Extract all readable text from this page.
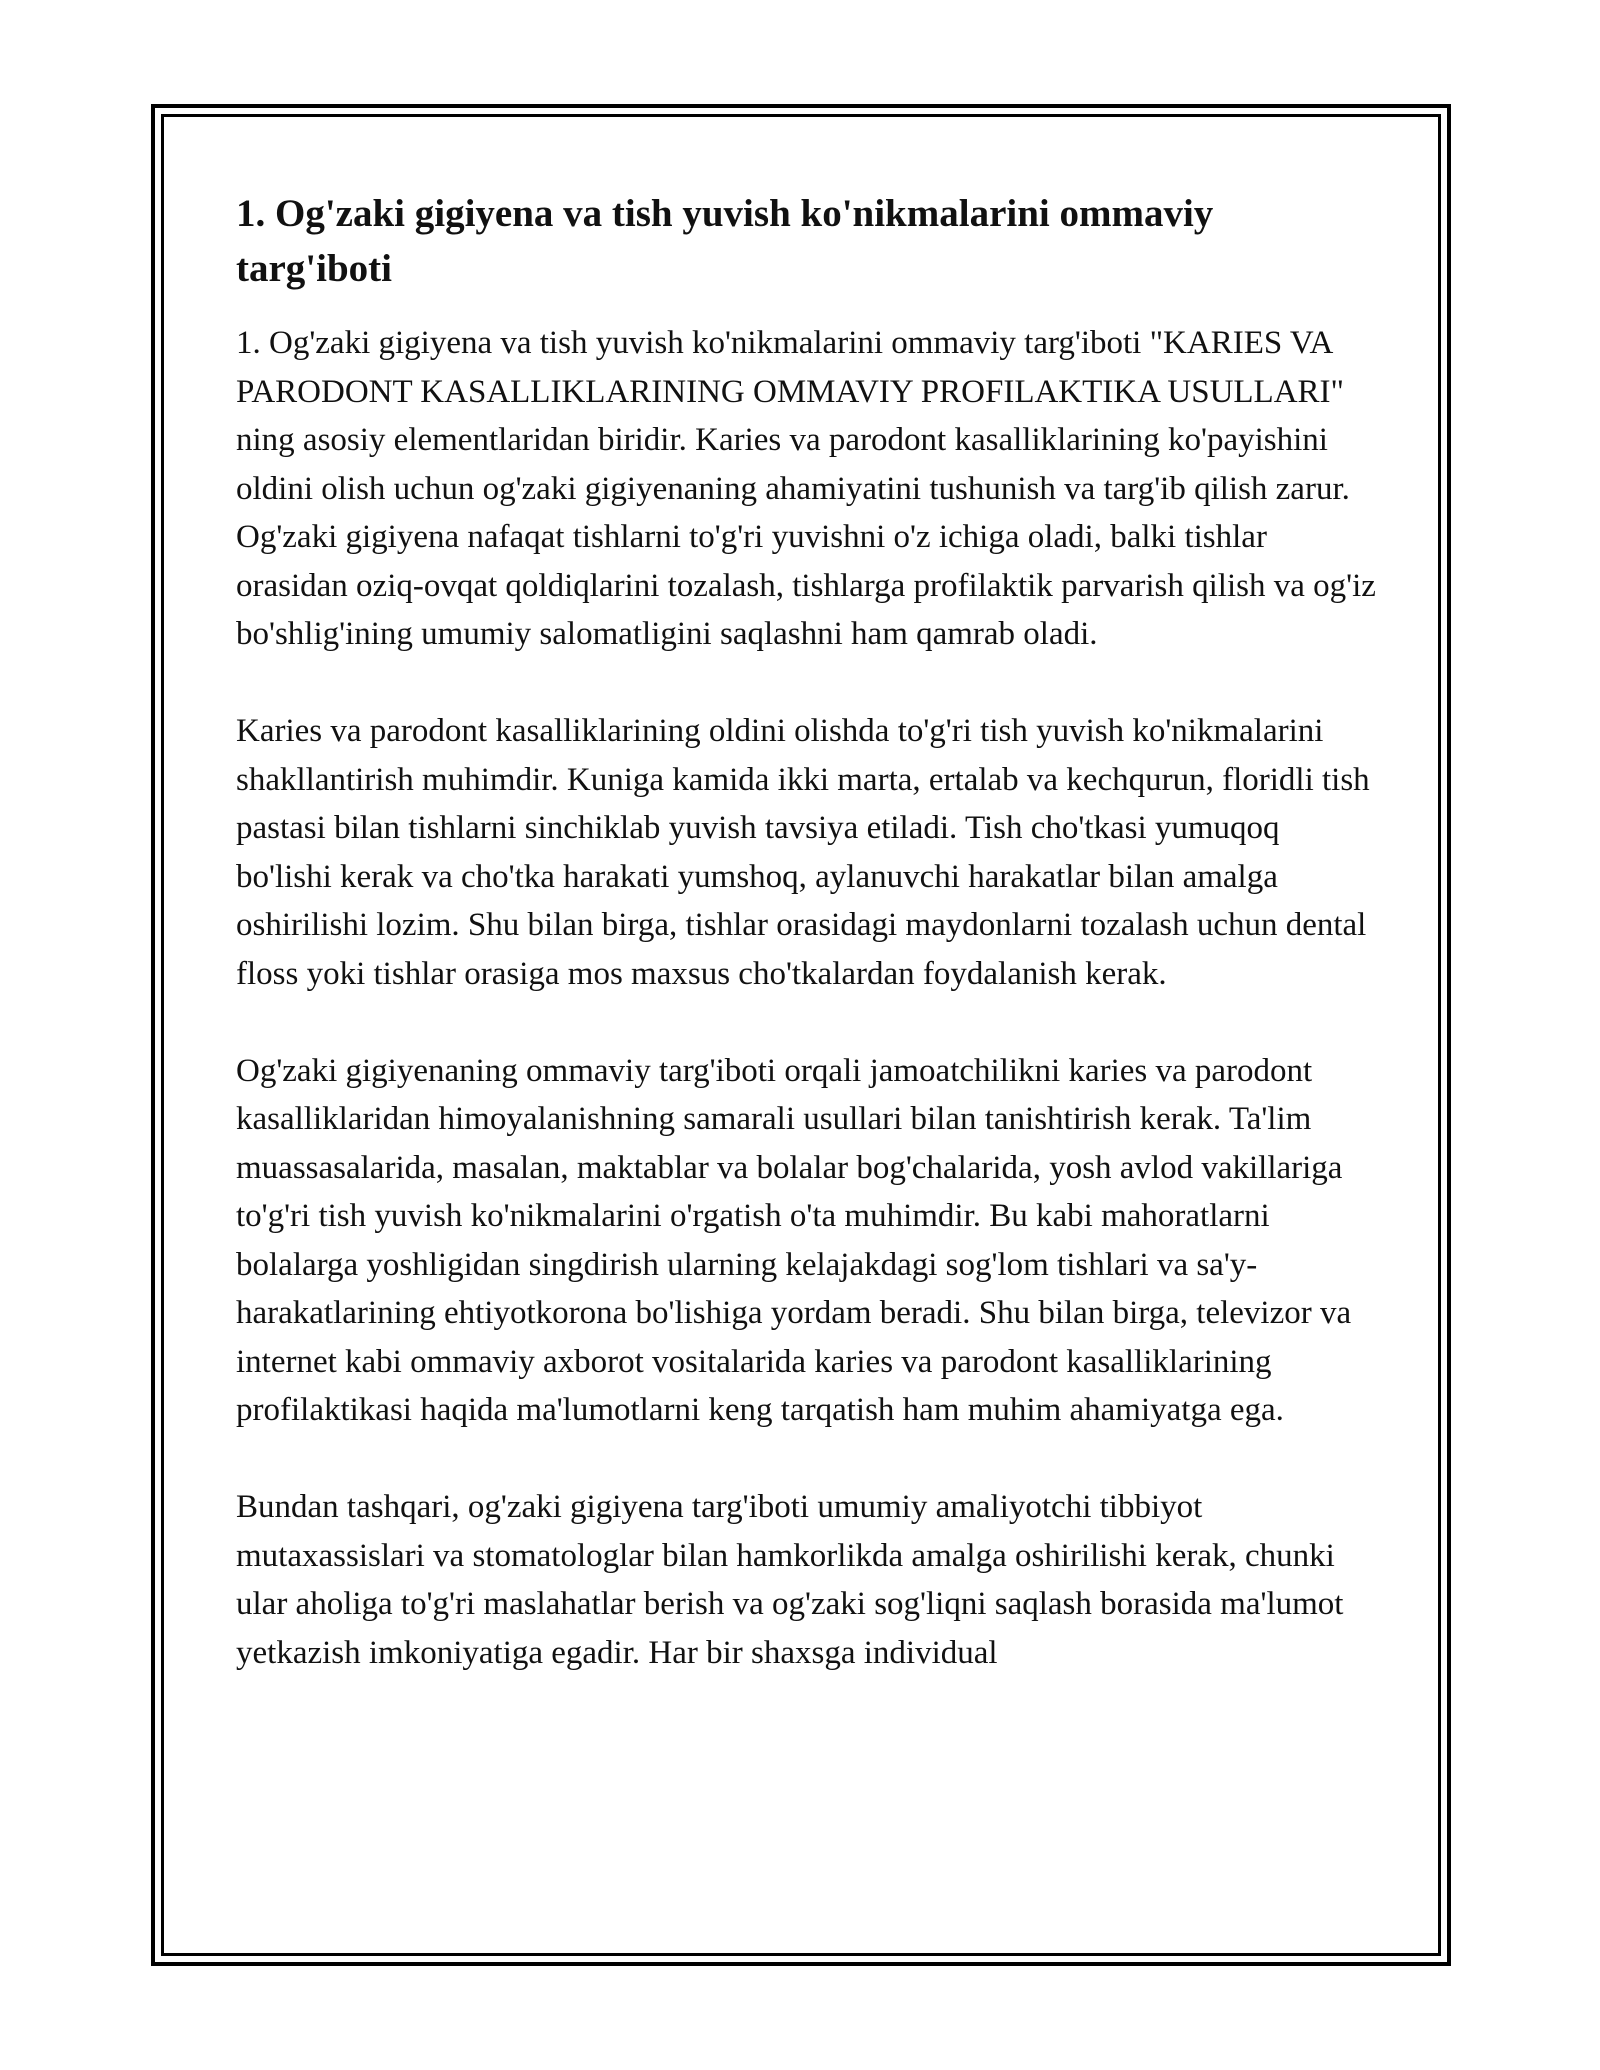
1. Og'zaki gigiyena va tish yuvish ko'nikmalarini ommaviy targ'iboti

1. Og'zaki gigiyena va tish yuvish ko'nikmalarini ommaviy targ'iboti "KARIES VA PARODONT KASALLIKLARINING OMMAVIY PROFILAKTIKA USULLARI" ning asosiy elementlaridan biridir. Karies va parodont kasalliklarining ko'payishini oldini olish uchun og'zaki gigiyenaning ahamiyatini tushunish va targ'ib qilish zarur. Og'zaki gigiyena nafaqat tishlarni to'g'ri yuvishni o'z ichiga oladi, balki tishlar orasidan oziq-ovqat qoldiqlarini tozalash, tishlarga profilaktik parvarish qilish va og'iz bo'shlig'ining umumiy salomatligini saqlashni ham qamrab oladi.

Karies va parodont kasalliklarining oldini olishda to'g'ri tish yuvish ko'nikmalarini shakllantirish muhimdir. Kuniga kamida ikki marta, ertalab va kechqurun, floridli tish pastasi bilan tishlarni sinchiklab yuvish tavsiya etiladi. Tish cho'tkasi yumuqoq bo'lishi kerak va cho'tka harakati yumshoq, aylanuvchi harakatlar bilan amalga oshirilishi lozim. Shu bilan birga, tishlar orasidagi maydonlarni tozalash uchun dental floss yoki tishlar orasiga mos maxsus cho'tkalardan foydalanish kerak.

Og'zaki gigiyenaning ommaviy targ'iboti orqali jamoatchilikni karies va parodont kasalliklaridan himoyalanishning samarali usullari bilan tanishtirish kerak. Ta'lim muassasalarida, masalan, maktablar va bolalar bog'chalarida, yosh avlod vakillariga to'g'ri tish yuvish ko'nikmalarini o'rgatish o'ta muhimdir. Bu kabi mahoratlarni bolalarga yoshligidan singdirish ularning kelajakdagi sog'lom tishlari va sa'y-harakatlarining ehtiyotkorona bo'lishiga yordam beradi. Shu bilan birga, televizor va internet kabi ommaviy axborot vositalarida karies va parodont kasalliklarining profilaktikasi haqida ma'lumotlarni keng tarqatish ham muhim ahamiyatga ega.

Bundan tashqari, og'zaki gigiyena targ'iboti umumiy amaliyotchi tibbiyot mutaxassislari va stomatologlar bilan hamkorlikda amalga oshirilishi kerak, chunki ular aholiga to'g'ri maslahatlar berish va og'zaki sog'liqni saqlash borasida ma'lumot yetkazish imkoniyatiga egadir. Har bir shaxsga individual
